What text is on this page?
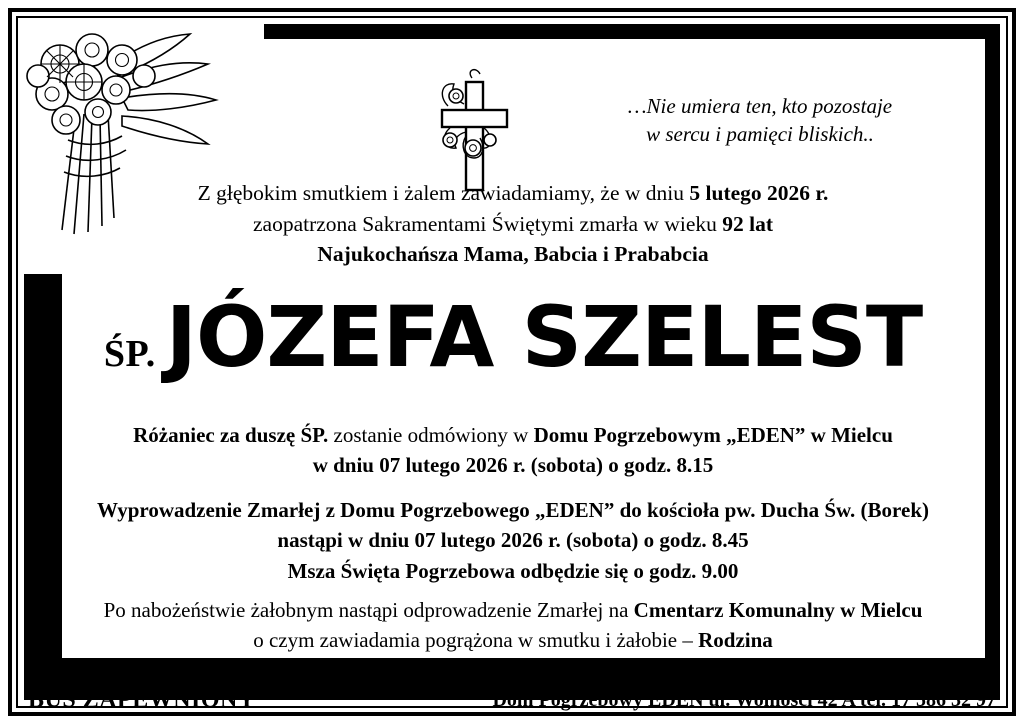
…Nie umiera ten, kto pozostaje
w sercu i pamięci bliskich..
Z głębokim smutkiem i żalem zawiadamiamy, że w dniu 5 lutego 2026 r.
zaopatrzona Sakramentami Świętymi zmarła w wieku 92 lat
Najukochańsza Mama, Babcia i Prababcia
ŚP. JÓZEFA SZELEST
Różaniec za duszę ŚP. zostanie odmówiony w Domu Pogrzebowym „EDEN” w Mielcu
w dniu 07 lutego 2026 r. (sobota) o godz. 8.15
Wyprowadzenie Zmarłej z Domu Pogrzebowego „EDEN” do kościoła pw. Ducha Św. (Borek)
nastąpi w dniu 07 lutego 2026 r. (sobota) o godz. 8.45
Msza Święta Pogrzebowa odbędzie się o godz. 9.00
Po nabożeństwie żałobnym nastąpi odprowadzenie Zmarłej na Cmentarz Komunalny w Mielcu
o czym zawiadamia pogrążona w smutku i żałobie – Rodzina
BUS ZAPEWNIONY	Dom Pogrzebowy EDEN ul. Wolności 42 A tel. 17 586 32 97
